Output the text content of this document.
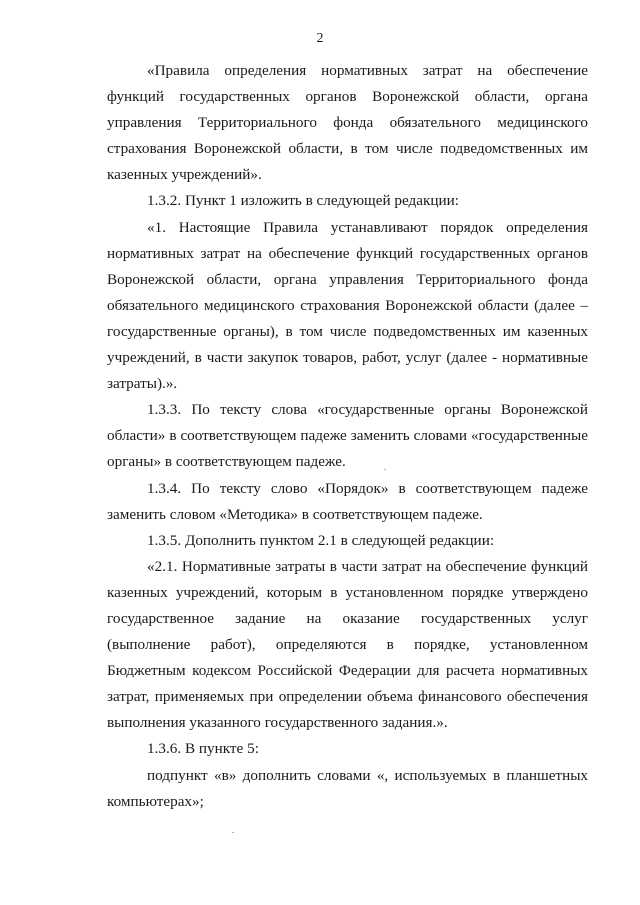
2

«Правила определения нормативных затрат на обеспечение функций государственных органов Воронежской области, органа управления Территориального фонда обязательного медицинского страхования Воронежской области, в том числе подведомственных им казенных учреждений».

1.3.2. Пункт 1 изложить в следующей редакции:

«1. Настоящие Правила устанавливают порядок определения нормативных затрат на обеспечение функций государственных органов Воронежской области, органа управления Территориального фонда обязательного медицинского страхования Воронежской области (далее – государственные органы), в том числе подведомственных им казенных учреждений, в части закупок товаров, работ, услуг (далее - нормативные затраты).».

1.3.3. По тексту слова «государственные органы Воронежской области» в соответствующем падеже заменить словами «государственные органы» в соответствующем падеже.

1.3.4. По тексту слово «Порядок» в соответствующем падеже заменить словом «Методика» в соответствующем падеже.

1.3.5. Дополнить пунктом 2.1 в следующей редакции:

«2.1. Нормативные затраты в части затрат на обеспечение функций казенных учреждений, которым в установленном порядке утверждено государственное задание на оказание государственных услуг (выполнение работ), определяются в порядке, установленном Бюджетным кодексом Российской Федерации для расчета нормативных затрат, применяемых при определении объема финансового обеспечения выполнения указанного государственного задания.».

1.3.6. В пункте 5:

подпункт «в» дополнить словами «, используемых в планшетных компьютерах»;
